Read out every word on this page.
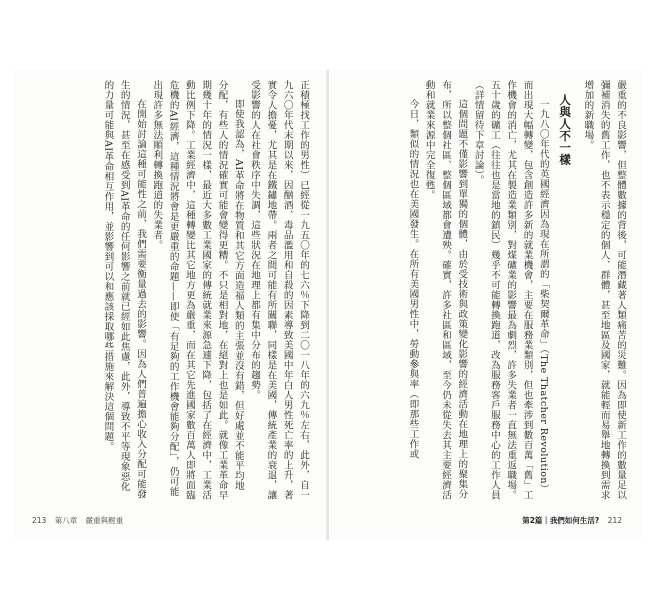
正積極找工作的男性）已經從一九五〇年的七六％下降到二〇一八年的六九％左右，此外，自一九六〇年代末期以來，因酗酒、毒品濫用和自殺的因素導致美國中年白人男性死亡率的上升，著實令人擔憂，尤其是在鐵鏽地帶。兩者之間可能有所關聯，同樣是在美國，傳統產業的衰退，讓受影響的人在社會秩序中失調，這些狀況在地理上都有集中分布的趨勢。

即使我認為，AI革命將在物質和其它方面造福人類的主張並沒有錯，但好處並不能平均地分配，有些人的情況確實可能會變得更糟。不只是相對地，在絕對上也是如此。就像工業革命早期幾十年的情況一樣，最近大多數工業國家的傳統就業來源急遽下降，包括了在經濟中，工業活動比例下降。工業經濟中，這種轉變比其它地方更為嚴重，而在其它先進國家數百萬人即將面臨危機的AI經濟，這種情況將會是更嚴重的命題——即使「有足夠的工作機會能夠分配」，仍可能出現許多無法順利轉換跑道的失業者。

在開始討論這種可能性之前，我們需要衡量過去的影響。因為人們普遍擔心收入分配可能發生的情況，甚至在感受到AI革命的任何影響之前就已經如此焦慮，此外，導致不平等現象惡化的力量可能與AI革命相互作用，並影響到可以和應該採取哪些措施來解決這個問題。

213 第八章 嚴重與輕重

嚴重的不良影響，但整體數據的背後，可能潛藏著人類痛苦的災難。因為即使新工作的數量足以彌補消失的舊工作，也不表示穩定的個人、群體，甚至地區及國家，就能輕而易舉地轉換到需求增加的新職場。

人與人不一樣

一九八〇年代的英國經濟因為現在所謂的「柴契爾革命」（The Thatcher Revolution）而出現大幅轉變，包含創造許多新的就業機會，主要在服務業類別，但也牽涉到數百萬「舊」工作機會的消亡，尤其在製造業類別，對煤礦業的影響最為劇烈，許多失業者一直無法重返職場。五十歲的礦工（往往也是當地的鎮民）幾乎不可能轉換跑道，改為服務客戶服務中心的工作人員（詳情留待下章討論）。

這個問題不僅影響到單獨的個體，由於受技術與政策變化影響的經濟活動在地理上的聚集分布，所以整個社區、整個區域都會遭殃。確實，許多社區和區域，至今仍未從失去其主要經濟活動和就業來源中完全復甦。

今日，類似的情況也在美國發生。在所有美國男性中，勞動參與率（即那些工作或

第2篇｜我們如何生活? 212
